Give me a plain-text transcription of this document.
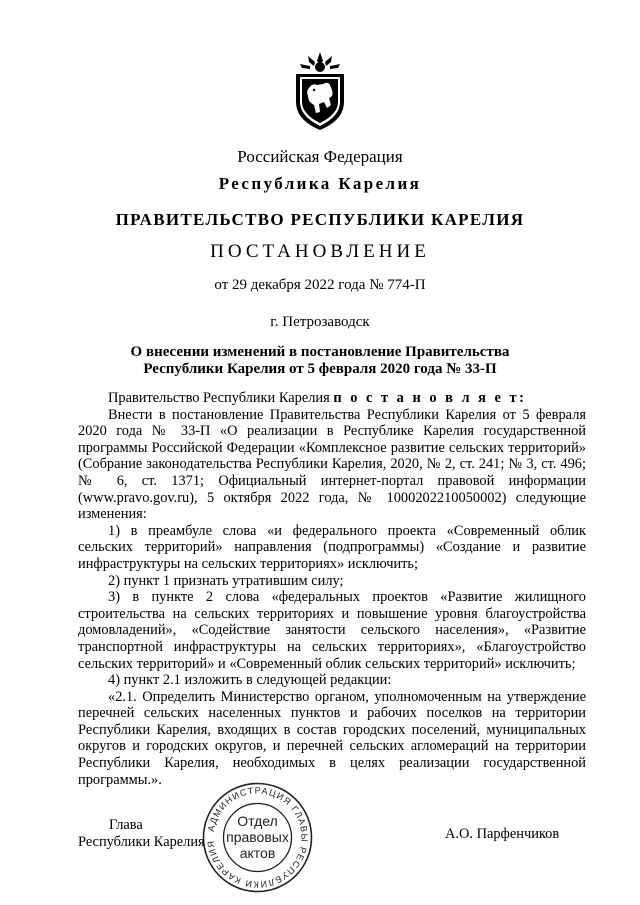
Российская Федерация
Республика Карелия
ПРАВИТЕЛЬСТВО РЕСПУБЛИКИ КАРЕЛИЯ
ПОСТАНОВЛЕНИЕ
от 29 декабря 2022 года № 774-П
г. Петрозаводск
О внесении изменений в постановление Правительства
Республики Карелия от 5 февраля 2020 года № 33-П

Правительство Республики Карелия п о с т а н о в л я е т:

Внести в постановление Правительства Республики Карелия от 5 февраля 2020 года № 33-П «О реализации в Республике Карелия государственной программы Российской Федерации «Комплексное развитие сельских территорий» (Собрание законодательства Республики Карелия, 2020, № 2, ст. 241; № 3, ст. 496; № 6, ст. 1371; Официальный интернет-портал правовой информации (www.pravo.gov.ru), 5 октября 2022 года, № 1000202210050002) следующие изменения:

1) в преамбуле слова «и федерального проекта «Современный облик сельских территорий» направления (подпрограммы) «Создание и развитие инфраструктуры на сельских территориях» исключить;

2) пункт 1 признать утратившим силу;

3) в пункте 2 слова «федеральных проектов «Развитие жилищного строительства на сельских территориях и повышение уровня благоустройства домовладений», «Содействие занятости сельского населения», «Развитие транспортной инфраструктуры на сельских территориях», «Благоустройство сельских территорий» и «Современный облик сельских территорий» исключить;

4) пункт 2.1 изложить в следующей редакции:

«2.1. Определить Министерство органом, уполномоченным на утверждение перечней сельских населенных пунктов и рабочих поселков на территории Республики Карелия, входящих в состав городских поселений, муниципальных округов и городских округов, и перечней сельских агломераций на территории Республики Карелия, необходимых в целях реализации государственной программы.».

Глава
Республики Карелия	А.О. Парфенчиков
АДМИНИСТРАЦИЯ ГЛАВЫ РЕСПУБЛИКИ КАРЕЛИЯ
Отдел
правовых
актов
